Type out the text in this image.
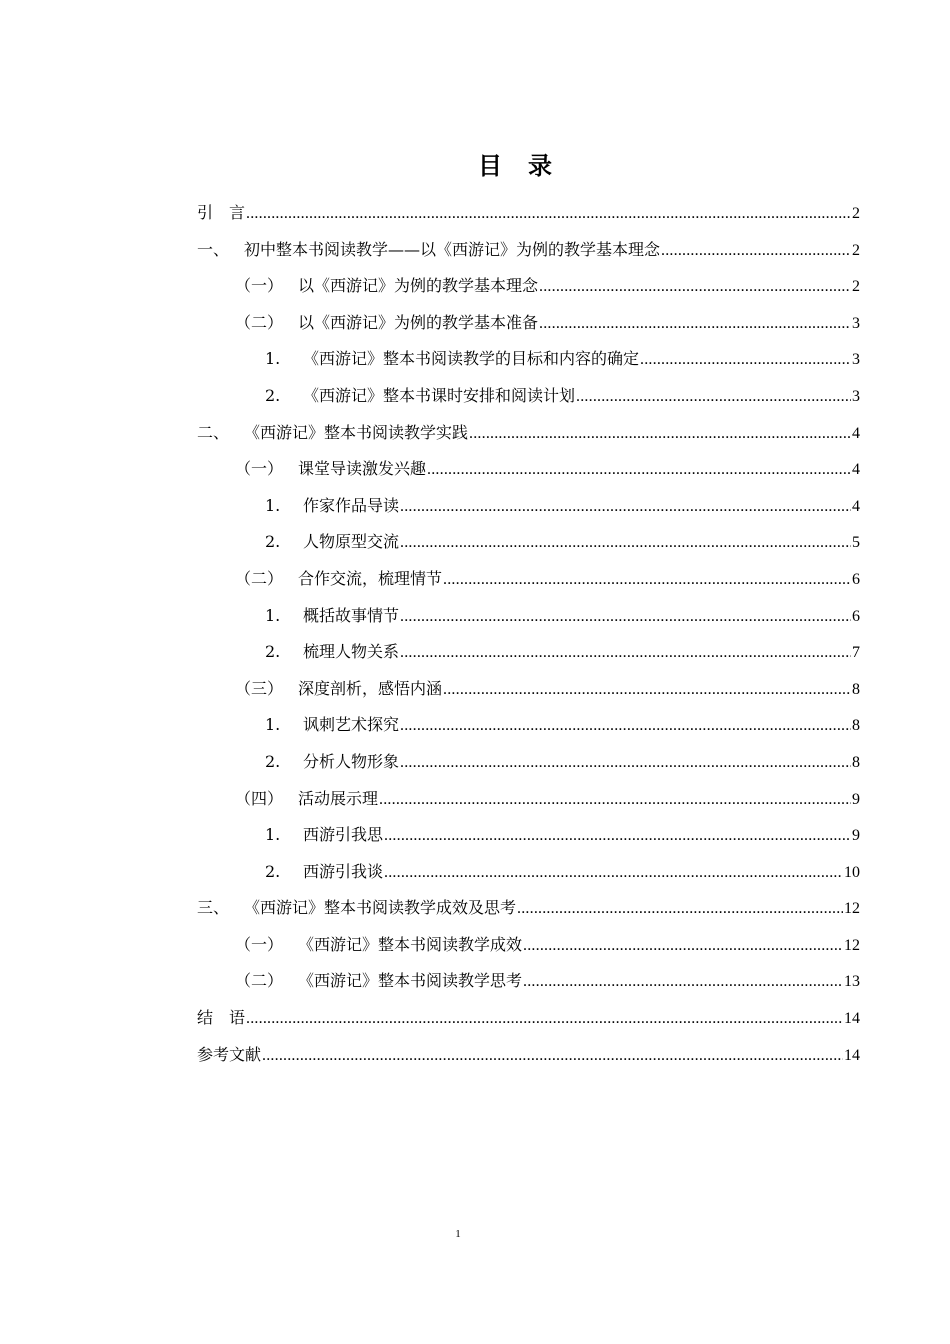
目录
引　言 .....	2
一、 初中整本书阅读教学——以《西游记》为例的教学基本理念 .....	2
（一） 以《西游记》为例的教学基本理念 .....	2
（二） 以《西游记》为例的教学基本准备 .....	3
1.	《西游记》整本书阅读教学的目标和内容的确定 .....	3
2.	《西游记》整本书课时安排和阅读计划 .....	3
二、 《西游记》整本书阅读教学实践 .....	4
（一） 课堂导读激发兴趣 .....	4
1.	作家作品导读 .....	4
2.	人物原型交流 .....	5
（二） 合作交流，梳理情节 .....	6
1.	概括故事情节 .....	6
2.	梳理人物关系 .....	7
（三） 深度剖析，感悟内涵 .....	8
1.	讽刺艺术探究 .....	8
2.	分析人物形象 .....	8
（四） 活动展示理 .....	9
1.	西游引我思 .....	9
2.	西游引我谈 .....	10
三、 《西游记》整本书阅读教学成效及思考 .....	12
（一） 《西游记》整本书阅读教学成效 .....	12
（二） 《西游记》整本书阅读教学思考 .....	13
结　语 .....	14
参考文献 .....	14
1
